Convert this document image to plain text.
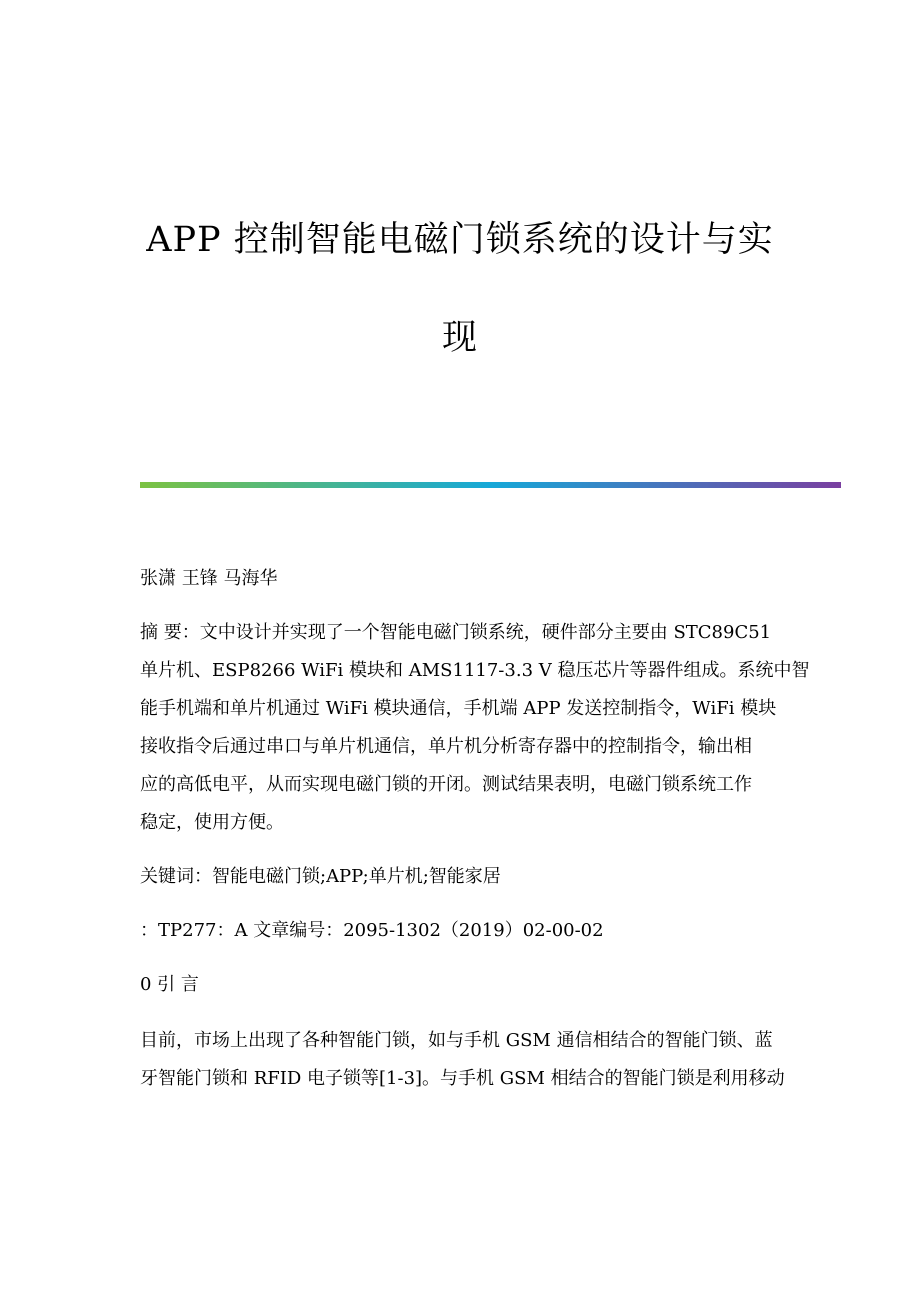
APP 控制智能电磁门锁系统的设计与实
现
张潇 王锋 马海华
摘 要：文中设计并实现了一个智能电磁门锁系统，硬件部分主要由 STC89C51
单片机、ESP8266 WiFi 模块和 AMS1117-3.3 V 稳压芯片等器件组成。系统中智
能手机端和单片机通过 WiFi 模块通信，手机端 APP 发送控制指令，WiFi 模块
接收指令后通过串口与单片机通信，单片机分析寄存器中的控制指令，输出相
应的高低电平，从而实现电磁门锁的开闭。测试结果表明，电磁门锁系统工作
稳定，使用方便。
关键词：智能电磁门锁;APP;单片机;智能家居
：TP277：A 文章编号：2095-1302（2019）02-00-02
0 引 言
目前，市场上出现了各种智能门锁，如与手机 GSM 通信相结合的智能门锁、蓝
牙智能门锁和 RFID 电子锁等[1-3]。与手机 GSM 相结合的智能门锁是利用移动
